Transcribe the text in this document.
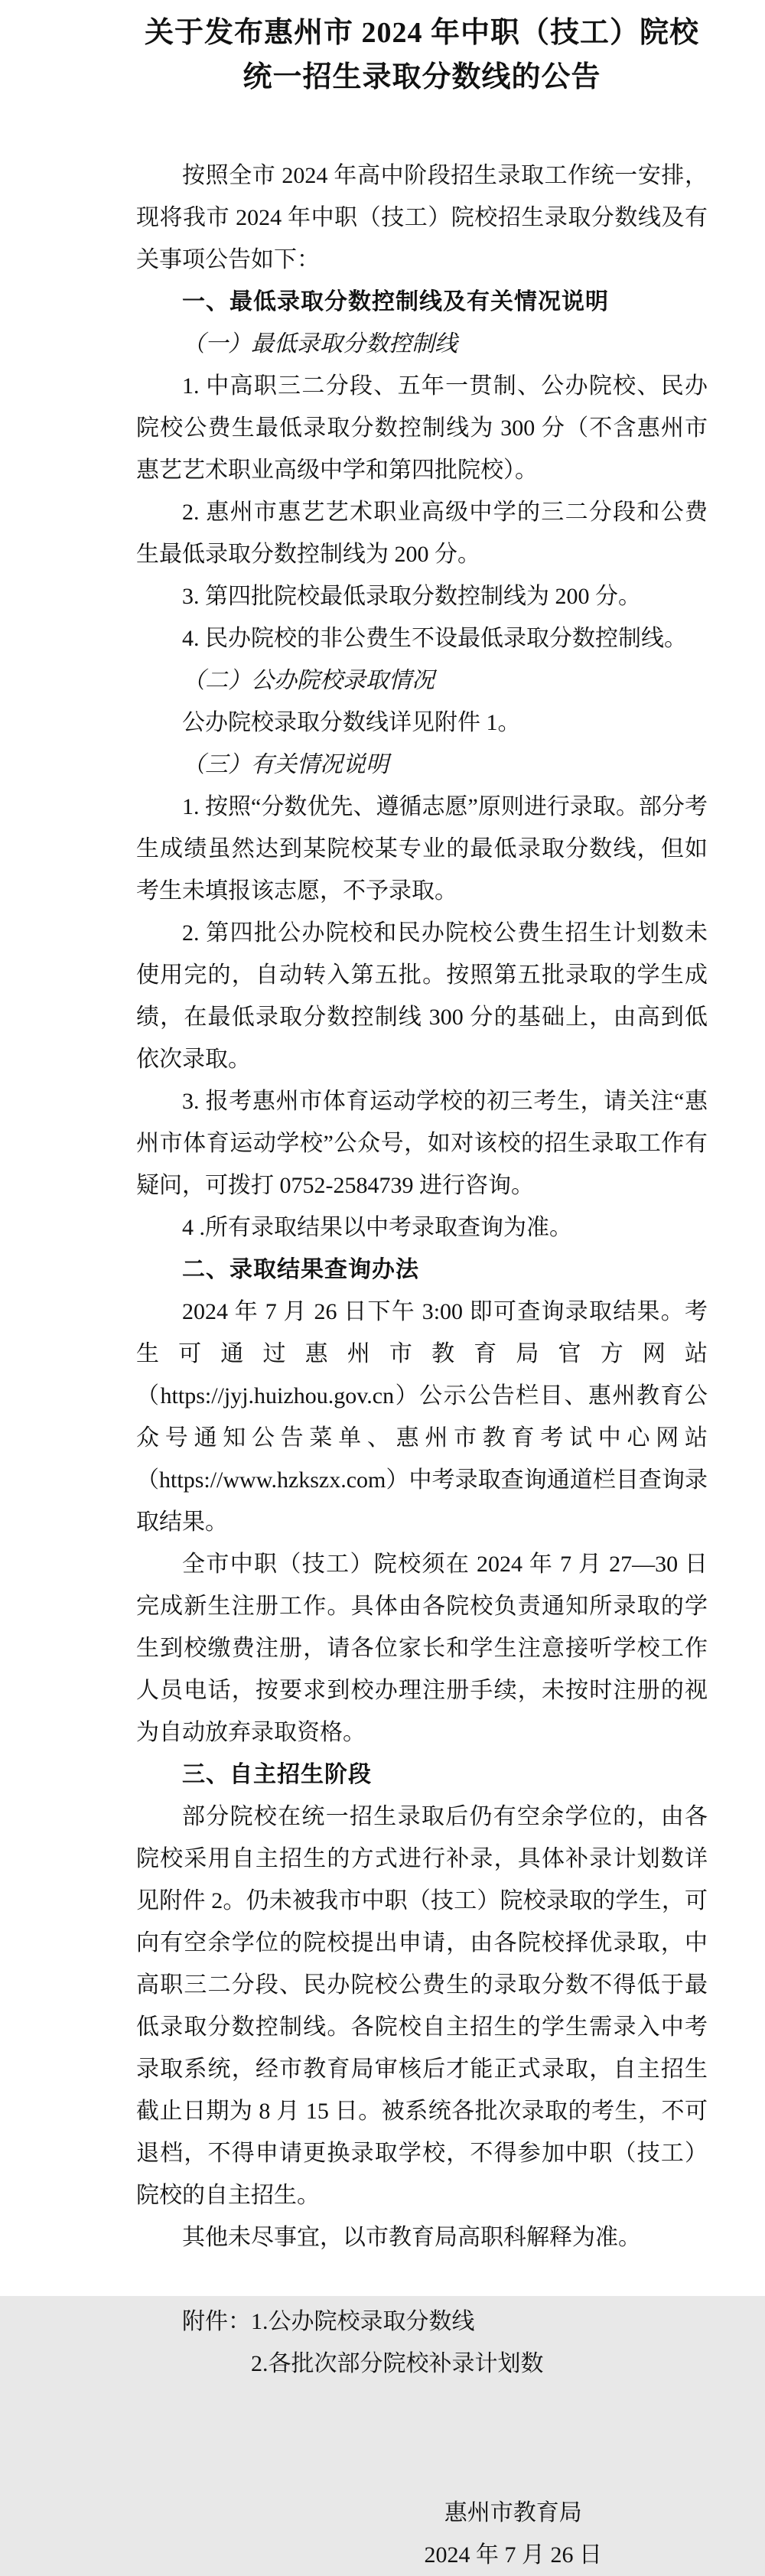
关于发布惠州市 2024 年中职（技工）院校
统一招生录取分数线的公告
按照全市 2024 年高中阶段招生录取工作统一安排，现将我市 2024 年中职（技工）院校招生录取分数线及有关事项公告如下：
一、最低录取分数控制线及有关情况说明
（一）最低录取分数控制线
1. 中高职三二分段、五年一贯制、公办院校、民办院校公费生最低录取分数控制线为 300 分（不含惠州市惠艺艺术职业高级中学和第四批院校）。
2. 惠州市惠艺艺术职业高级中学的三二分段和公费生最低录取分数控制线为 200 分。
3. 第四批院校最低录取分数控制线为 200 分。
4. 民办院校的非公费生不设最低录取分数控制线。
（二）公办院校录取情况
公办院校录取分数线详见附件 1。
（三）有关情况说明
1. 按照“分数优先、遵循志愿”原则进行录取。部分考生成绩虽然达到某院校某专业的最低录取分数线，但如考生未填报该志愿，不予录取。
2. 第四批公办院校和民办院校公费生招生计划数未使用完的，自动转入第五批。按照第五批录取的学生成绩，在最低录取分数控制线 300 分的基础上，由高到低依次录取。
3. 报考惠州市体育运动学校的初三考生，请关注“惠州市体育运动学校”公众号，如对该校的招生录取工作有疑问，可拨打 0752-2584739 进行咨询。
4 .所有录取结果以中考录取查询为准。
二、录取结果查询办法
2024 年 7 月 26 日下午 3:00 即可查询录取结果。考生可通过惠州市教育局官方网站（https://jyj.huizhou.gov.cn）公示公告栏目、惠州教育公众号通知公告菜单、惠州市教育考试中心网站（https://www.hzkszx.com）中考录取查询通道栏目查询录取结果。
全市中职（技工）院校须在 2024 年 7 月 27—30 日完成新生注册工作。具体由各院校负责通知所录取的学生到校缴费注册，请各位家长和学生注意接听学校工作人员电话，按要求到校办理注册手续，未按时注册的视为自动放弃录取资格。
三、自主招生阶段
部分院校在统一招生录取后仍有空余学位的，由各院校采用自主招生的方式进行补录，具体补录计划数详见附件 2。仍未被我市中职（技工）院校录取的学生，可向有空余学位的院校提出申请，由各院校择优录取，中高职三二分段、民办院校公费生的录取分数不得低于最低录取分数控制线。各院校自主招生的学生需录入中考录取系统，经市教育局审核后才能正式录取，自主招生截止日期为 8 月 15 日。被系统各批次录取的考生，不可退档，不得申请更换录取学校，不得参加中职（技工）院校的自主招生。
其他未尽事宜，以市教育局高职科解释为准。
附件：1.公办院校录取分数线
2.各批次部分院校补录计划数
惠州市教育局
2024 年 7 月 26 日
